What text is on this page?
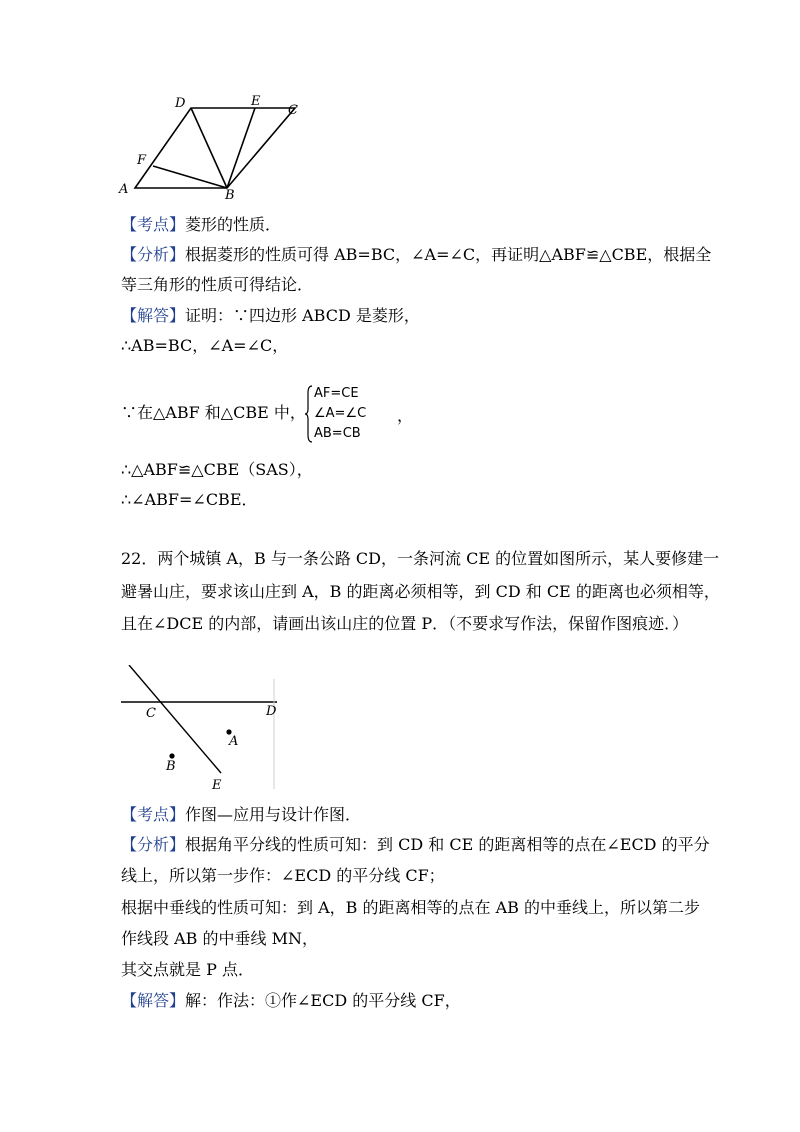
D	E
C
F
A	B
【考点】菱形的性质．
【分析】根据菱形的性质可得 AB=BC，∠A=∠C，再证明△ABF≌△CBE，根据全
等三角形的性质可得结论．
【解答】证明：∵四边形 ABCD 是菱形，
∴AB=BC，∠A=∠C，
∵在△ABF 和△CBE 中，
AF=CE
∠A=∠C
AB=CB
，
∴△ABF≌△CBE（SAS），
∴∠ABF=∠CBE．
22．两个城镇 A，B 与一条公路 CD，一条河流 CE 的位置如图所示，某人要修建一
避暑山庄，要求该山庄到 A，B 的距离必须相等，到 CD 和 CE 的距离也必须相等，
且在∠DCE 的内部，请画出该山庄的位置 P．（不要求写作法，保留作图痕迹．）
C	D
A
B
E
【考点】作图—应用与设计作图．
【分析】根据角平分线的性质可知：到 CD 和 CE 的距离相等的点在∠ECD 的平分
线上，所以第一步作：∠ECD 的平分线 CF；
根据中垂线的性质可知：到 A，B 的距离相等的点在 AB 的中垂线上，所以第二步
作线段 AB 的中垂线 MN，
其交点就是 P 点．
【解答】解：作法：①作∠ECD 的平分线 CF，
